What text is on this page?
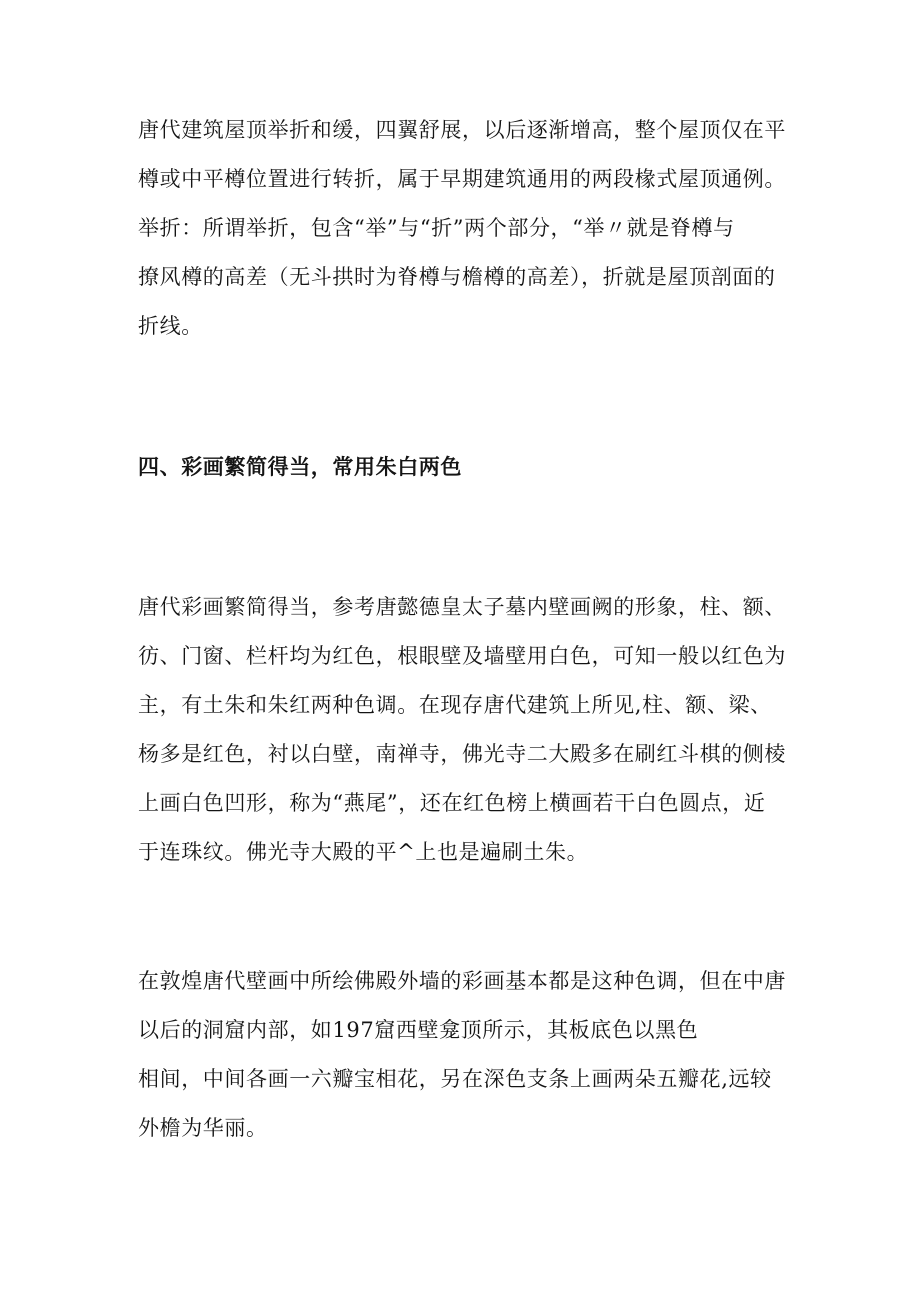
唐代建筑屋顶举折和缓，四翼舒展，以后逐渐增高，整个屋顶仅在平

樽或中平樽位置进行转折，属于早期建筑通用的两段椽式屋顶通例。

举折：所谓举折，包含“举”与“折”两个部分，“举〃就是脊樽与

撩风樽的高差（无斗拱时为脊樽与檐樽的高差），折就是屋顶剖面的

折线。

四、彩画繁简得当，常用朱白两色

唐代彩画繁简得当，参考唐懿德皇太子墓内壁画阙的形象，柱、额、

彷、门窗、栏杆均为红色，根眼壁及墙壁用白色，可知一般以红色为

主，有土朱和朱红两种色调。在现存唐代建筑上所见,柱、额、梁、

杨多是红色，衬以白壁，南禅寺，佛光寺二大殿多在刷红斗棋的侧棱

上画白色凹形，称为“燕尾”，还在红色榜上横画若干白色圆点，近

于连珠纹。佛光寺大殿的平^上也是遍刷土朱。

在敦煌唐代壁画中所绘佛殿外墙的彩画基本都是这种色调，但在中唐

以后的洞窟内部，如197窟西壁龛顶所示，其板底色以黑色

相间，中间各画一六瓣宝相花，另在深色支条上画两朵五瓣花,远较

外檐为华丽。
